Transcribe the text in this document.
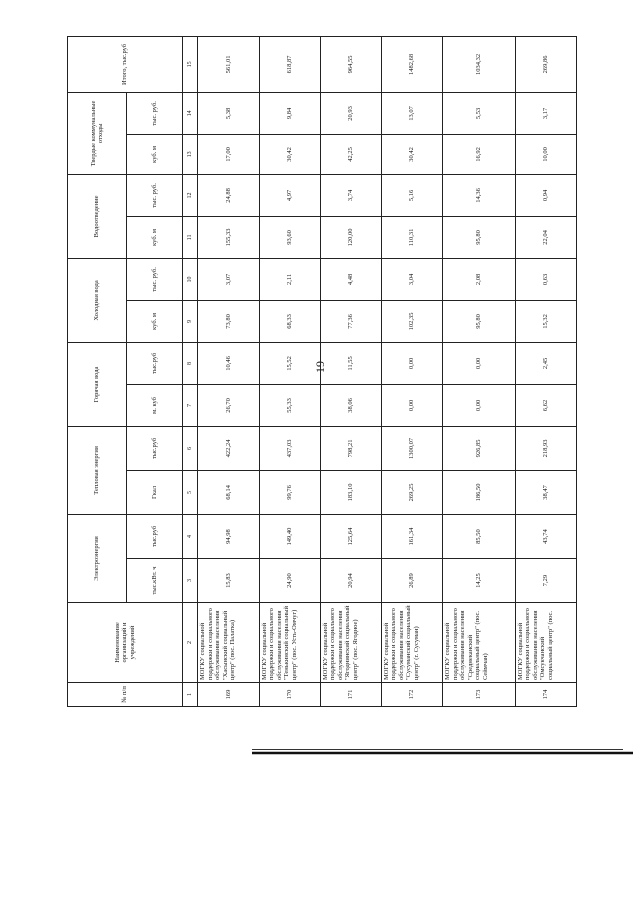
19
№ п/п	Наименование организаций и учреждений	Электроэнергия		Тепловая энергия		Горячая вода		Холодная вода		Водоотведение		Твердые коммунальные отходы		Итого, тыс.руб
		тыс.кВт. ч	тыс.руб	Гкал	тыс.руб	м. куб	тыс.руб	куб. м	тыс. руб.	куб. м	тыс. руб.	куб. м	тыс. руб.	
1	2	3	4	5	6	7	8	9	10	11	12	13	14	15
169	МОГКУ социальной поддержки и социального обслуживания населения "Хасынский социальный центр" (пос. Палатка)	15,83	94,98	68,14	422,24	26,70	10,46	73,80	3,07	155,33	24,88	17,00	5,38	561,01
170	МОГКУ социальной поддержки и социального обслуживания населения "Тенькинский социальный центр" (пос. Усть-Омчуг)	24,90	149,40	99,76	437,03	55,33	15,52	68,33	2,11	93,60	4,97	30,42	9,84	618,87
171	МОГКУ социальной поддержки и социального обслуживания населения "Ягоднинский социальный центр" (пос. Ягодное)	20,94	125,64	183,10	798,21	38,06	11,55	77,36	4,48	120,00	3,74	42,25	20,93	964,55
172	МОГКУ социальной поддержки и социального обслуживания населения "Сусуманский социальный центр" (г. Сусуман)	26,89	161,34	269,25	1300,07	0,00	0,00	102,35	3,04	110,31	5,16	30,42	13,07	1482,68
173	МОГКУ социальной поддержки и социального обслуживания населения "Среднеканский социальный центр" (пос. Сеймчан)	14,25	85,50	186,50	926,85	0,00	0,00	95,80	2,08	95,80	14,36	16,92	5,53	1034,32
174	МОГКУ социальной поддержки и социального обслуживания населения "Омсукчанский социальный центр" (пос.	7,29	43,74	38,47	218,93	6,62	2,45	15,32	0,63	22,04	0,94	10,00	3,17	269,86
